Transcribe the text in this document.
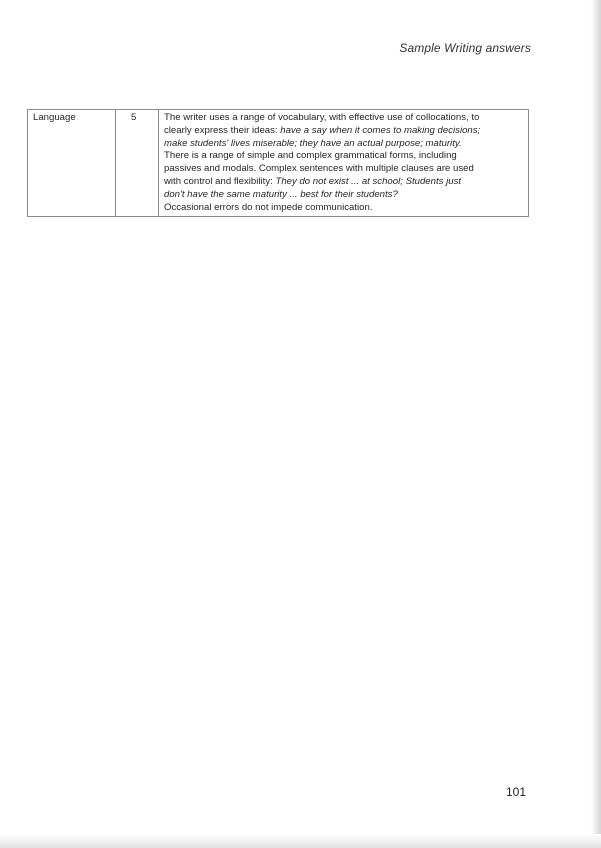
Sample Writing answers
Language	5	The writer uses a range of vocabulary, with effective use of collocations, to
clearly express their ideas: have a say when it comes to making decisions;
make students' lives miserable; they have an actual purpose; maturity.
There is a range of simple and complex grammatical forms, including
passives and modals. Complex sentences with multiple clauses are used
with control and flexibility: They do not exist ... at school; Students just
don't have the same maturity ... best for their students?
Occasional errors do not impede communication.
101
